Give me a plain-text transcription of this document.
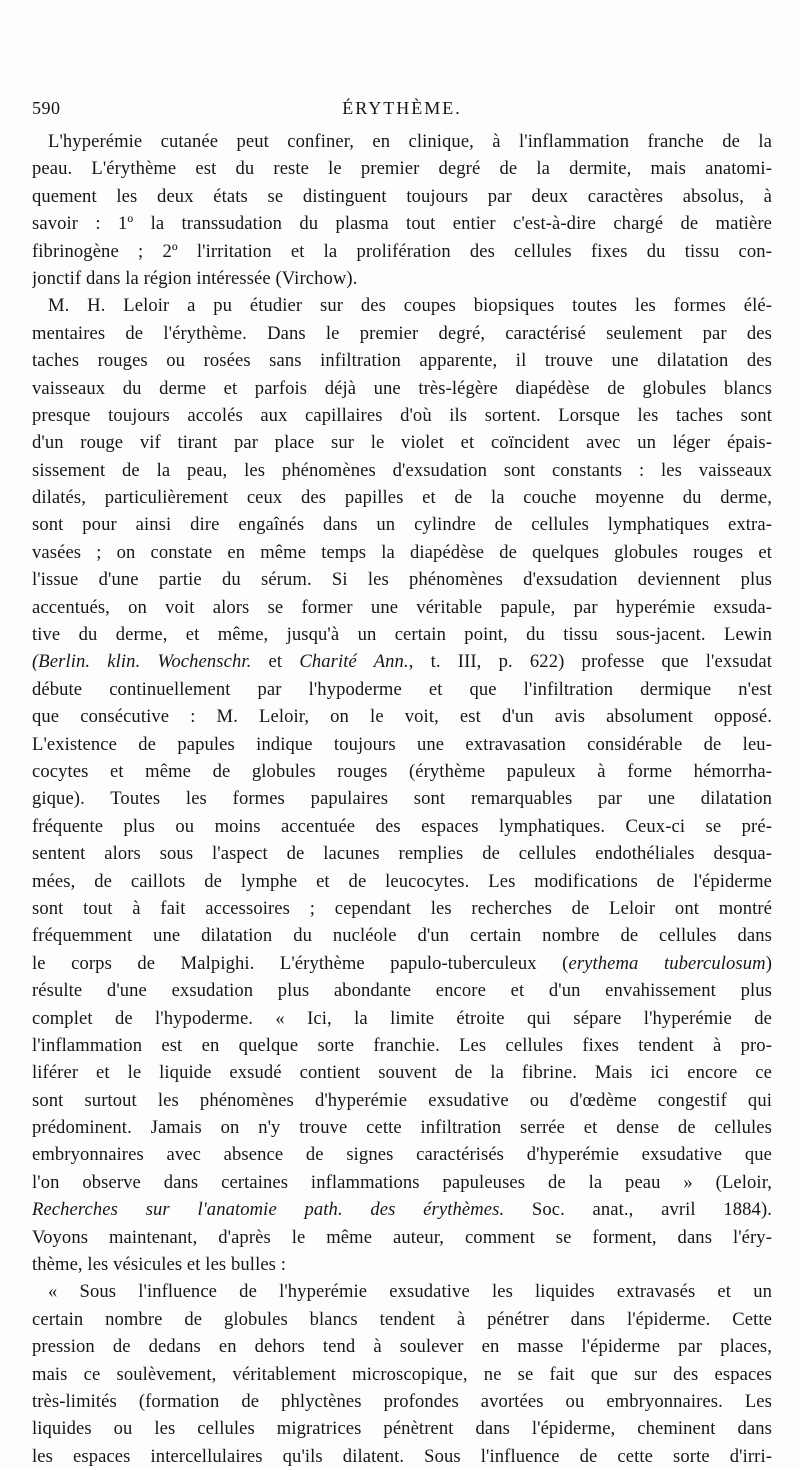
590	ÉRYTHÈME.
L'hyperémie cutanée peut confiner, en clinique, à l'inflammation franche de la
peau. L'érythème est du reste le premier degré de la dermite, mais anatomi-
quement les deux états se distinguent toujours par deux caractères absolus, à
savoir : 1º la transsudation du plasma tout entier c'est-à-dire chargé de matière
fibrinogène ; 2º l'irritation et la prolifération des cellules fixes du tissu con-
jonctif dans la région intéressée (Virchow).
M. H. Leloir a pu étudier sur des coupes biopsiques toutes les formes élé-
mentaires de l'érythème. Dans le premier degré, caractérisé seulement par des
taches rouges ou rosées sans infiltration apparente, il trouve une dilatation des
vaisseaux du derme et parfois déjà une très-légère diapédèse de globules blancs
presque toujours accolés aux capillaires d'où ils sortent. Lorsque les taches sont
d'un rouge vif tirant par place sur le violet et coïncident avec un léger épais-
sissement de la peau, les phénomènes d'exsudation sont constants : les vaisseaux
dilatés, particulièrement ceux des papilles et de la couche moyenne du derme,
sont pour ainsi dire engaînés dans un cylindre de cellules lymphatiques extra-
vasées ; on constate en même temps la diapédèse de quelques globules rouges et
l'issue d'une partie du sérum. Si les phénomènes d'exsudation deviennent plus
accentués, on voit alors se former une véritable papule, par hyperémie exsuda-
tive du derme, et même, jusqu'à un certain point, du tissu sous-jacent. Lewin
(Berlin. klin. Wochenschr. et Charité Ann., t. III, p. 622) professe que l'exsudat
débute continuellement par l'hypoderme et que l'infiltration dermique n'est
que consécutive : M. Leloir, on le voit, est d'un avis absolument opposé.
L'existence de papules indique toujours une extravasation considérable de leu-
cocytes et même de globules rouges (érythème papuleux à forme hémorrha-
gique). Toutes les formes papulaires sont remarquables par une dilatation
fréquente plus ou moins accentuée des espaces lymphatiques. Ceux-ci se pré-
sentent alors sous l'aspect de lacunes remplies de cellules endothéliales desqua-
mées, de caillots de lymphe et de leucocytes. Les modifications de l'épiderme
sont tout à fait accessoires ; cependant les recherches de Leloir ont montré
fréquemment une dilatation du nucléole d'un certain nombre de cellules dans
le corps de Malpighi. L'érythème papulo-tuberculeux (erythema tuberculosum)
résulte d'une exsudation plus abondante encore et d'un envahissement plus
complet de l'hypoderme. « Ici, la limite étroite qui sépare l'hyperémie de
l'inflammation est en quelque sorte franchie. Les cellules fixes tendent à pro-
liférer et le liquide exsudé contient souvent de la fibrine. Mais ici encore ce
sont surtout les phénomènes d'hyperémie exsudative ou d'œdème congestif qui
prédominent. Jamais on n'y trouve cette infiltration serrée et dense de cellules
embryonnaires avec absence de signes caractérisés d'hyperémie exsudative que
l'on observe dans certaines inflammations papuleuses de la peau » (Leloir,
Recherches sur l'anatomie path. des érythèmes. Soc. anat., avril 1884).
Voyons maintenant, d'après le même auteur, comment se forment, dans l'éry-
thème, les vésicules et les bulles :
« Sous l'influence de l'hyperémie exsudative les liquides extravasés et un
certain nombre de globules blancs tendent à pénétrer dans l'épiderme. Cette
pression de dedans en dehors tend à soulever en masse l'épiderme par places,
mais ce soulèvement, véritablement microscopique, ne se fait que sur des espaces
très-limités (formation de phlyctènes profondes avortées ou embryonnaires. Les
liquides ou les cellules migratrices pénètrent dans l'épiderme, cheminent dans
les espaces intercellulaires qu'ils dilatent. Sous l'influence de cette sorte d'irri-
